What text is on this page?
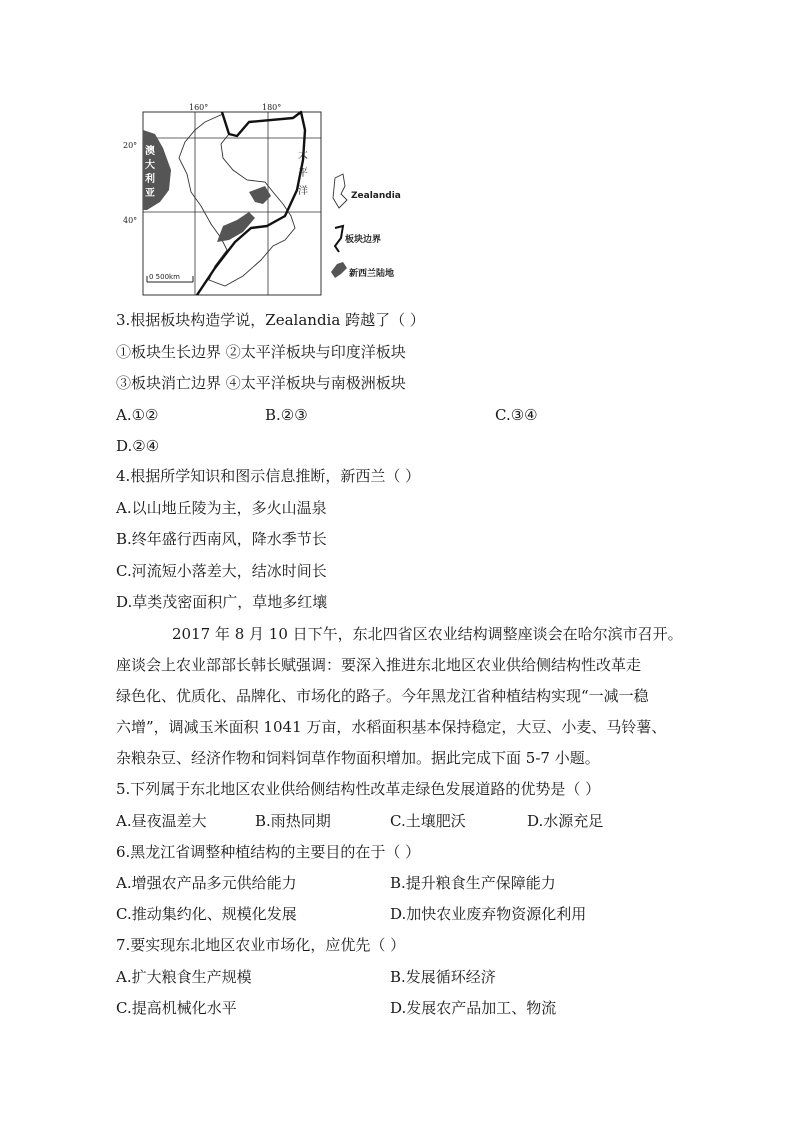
160°	180°
20°
40°
澳
大
利
亚
太
平
洋
0 500km
Zealandia
板块边界
新西兰陆地
3.根据板块构造学说，Zealandia 跨越了（ ）
①板块生长边界 ②太平洋板块与印度洋板块
③板块消亡边界 ④太平洋板块与南极洲板块
A.①②	B.②③	C.③④
D.②④
4.根据所学知识和图示信息推断，新西兰（ ）
A.以山地丘陵为主，多火山温泉
B.终年盛行西南风，降水季节长
C.河流短小落差大，结冰时间长
D.草类茂密面积广，草地多红壤
2017 年 8 月 10 日下午，东北四省区农业结构调整座谈会在哈尔滨市召开。
座谈会上农业部部长韩长赋强调：要深入推进东北地区农业供给侧结构性改革走
绿色化、优质化、品牌化、市场化的路子。今年黑龙江省种植结构实现“一减一稳
六增”，调减玉米面积 1041 万亩，水稻面积基本保持稳定，大豆、小麦、马铃薯、
杂粮杂豆、经济作物和饲料饲草作物面积增加。据此完成下面 5-7 小题。
5.下列属于东北地区农业供给侧结构性改革走绿色发展道路的优势是（ ）
A.昼夜温差大	B.雨热同期	C.土壤肥沃	D.水源充足
6.黑龙江省调整种植结构的主要目的在于（ ）
A.增强农产品多元供给能力	B.提升粮食生产保障能力
C.推动集约化、规模化发展	D.加快农业废弃物资源化利用
7.要实现东北地区农业市场化，应优先（ ）
A.扩大粮食生产规模	B.发展循环经济
C.提高机械化水平	D.发展农产品加工、物流
